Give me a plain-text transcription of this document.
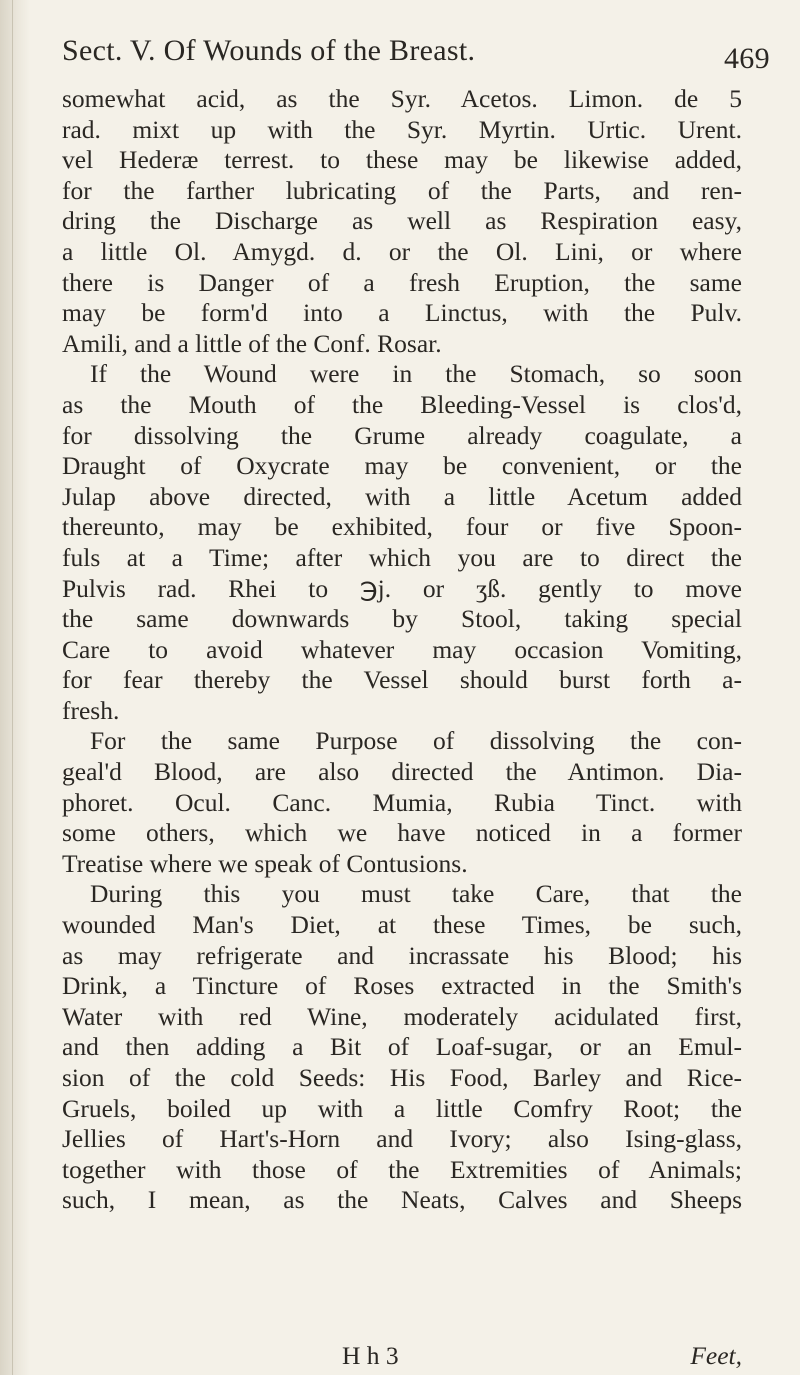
Sect. V. Of Wounds of the Breast.	469
somewhat acid, as the Syr. Acetos. Limon. de 5
rad. mixt up with the Syr. Myrtin. Urtic. Urent.
vel Hederæ terrest. to these may be likewise added,
for the farther lubricating of the Parts, and ren-
dring the Discharge as well as Respiration easy,
a little Ol. Amygd. d. or the Ol. Lini, or where
there is Danger of a fresh Eruption, the same
may be form'd into a Linctus, with the Pulv.
Amili, and a little of the Conf. Rosar.
If the Wound were in the Stomach, so soon
as the Mouth of the Bleeding-Vessel is clos'd,
for dissolving the Grume already coagulate, a
Draught of Oxycrate may be convenient, or the
Julap above directed, with a little Acetum added
thereunto, may be exhibited, four or five Spoon-
fuls at a Time; after which you are to direct the
Pulvis rad. Rhei to ℈j. or ʒß. gently to move
the same downwards by Stool, taking special
Care to avoid whatever may occasion Vomiting,
for fear thereby the Vessel should burst forth a-
fresh.
For the same Purpose of dissolving the con-
geal'd Blood, are also directed the Antimon. Dia-
phoret. Ocul. Canc. Mumia, Rubia Tinct. with
some others, which we have noticed in a former
Treatise where we speak of Contusions.
During this you must take Care, that the
wounded Man's Diet, at these Times, be such,
as may refrigerate and incrassate his Blood; his
Drink, a Tincture of Roses extracted in the Smith's
Water with red Wine, moderately acidulated first,
and then adding a Bit of Loaf-sugar, or an Emul-
sion of the cold Seeds: His Food, Barley and Rice-
Gruels, boiled up with a little Comfry Root; the
Jellies of Hart's-Horn and Ivory; also Ising-glass,
together with those of the Extremities of Animals;
such, I mean, as the Neats, Calves and Sheeps
H h 3	Feet,
